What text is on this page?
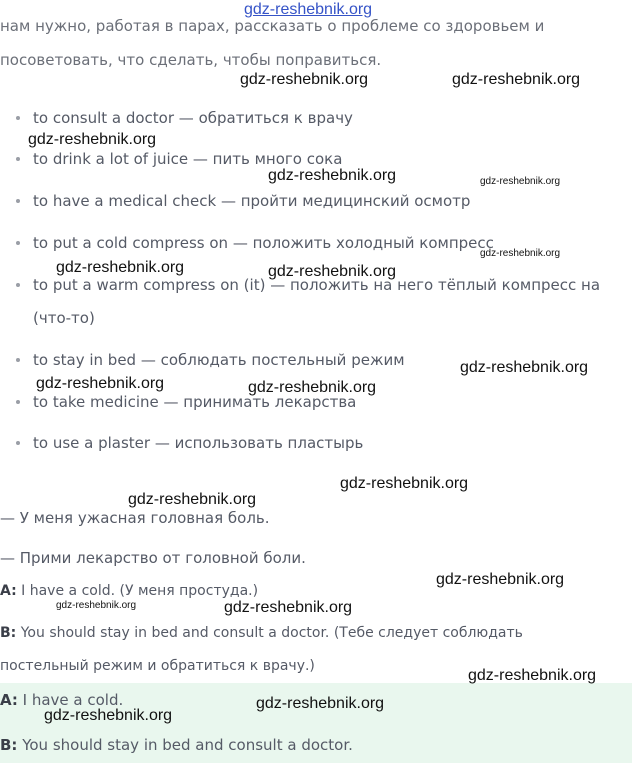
нам нужно, работая в парах, рассказать о проблеме со здоровьем и
посоветовать, что сделать, чтобы поправиться.
to consult a doctor — обратиться к врачу
to drink a lot of juice — пить много сока
to have a medical check — пройти медицинский осмотр
to put a cold compress on — положить холодный компресс
to put a warm compress on (it) — положить на него тёплый компресс на
to stay in bed — соблюдать постельный режим
to take medicine — принимать лекарства
to use a plaster — использовать пластырь
(что-то)
— У меня ужасная головная боль.
— Прими лекарство от головной боли.
A: I have a cold. (У меня простуда.)
B: You should stay in bed and consult a doctor. (Тебе следует соблюдать
постельный режим и обратиться к врачу.)
A: I have a cold.
B: You should stay in bed and consult a doctor.
gdz-reshebnik.org
gdz-reshebnik.org	gdz-reshebnik.org
gdz-reshebnik.org
gdz-reshebnik.org	gdz-reshebnik.org
gdz-reshebnik.org
gdz-reshebnik.org	gdz-reshebnik.org
gdz-reshebnik.org
gdz-reshebnik.org	gdz-reshebnik.org
gdz-reshebnik.org
gdz-reshebnik.org
gdz-reshebnik.org
gdz-reshebnik.org	gdz-reshebnik.org
gdz-reshebnik.org
gdz-reshebnik.org
gdz-reshebnik.org
